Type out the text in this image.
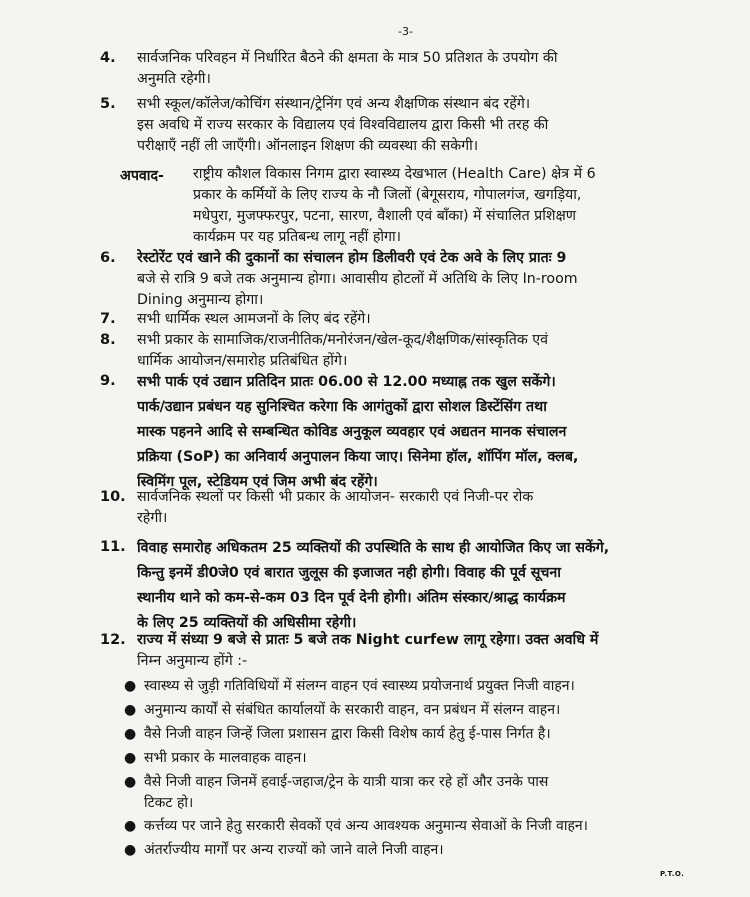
-3-
4. सार्वजनिक परिवहन में निर्धारित बैठने की क्षमता के मात्र 50 प्रतिशत के उपयोग की
अनुमति रहेगी।
5. सभी स्कूल/कॉलेज/कोचिंग संस्थान/ट्रेनिंग एवं अन्य शैक्षणिक संस्थान बंद रहेंगे।
इस अवधि में राज्य सरकार के विद्यालय एवं विश्वविद्यालय द्वारा किसी भी तरह की
परीक्षाएँ नहीं ली जाएँगी। ऑनलाइन शिक्षण की व्यवस्था की सकेगी।
अपवाद- राष्ट्रीय कौशल विकास निगम द्वारा स्वास्थ्य देखभाल (Health Care) क्षेत्र में 6
प्रकार के कर्मियों के लिए राज्य के नौ जिलों (बेगूसराय, गोपालगंज, खगड़िया,
मधेपुरा, मुजफ्फरपुर, पटना, सारण, वैशाली एवं बाँका) में संचालित प्रशिक्षण
कार्यक्रम पर यह प्रतिबन्ध लागू नहीं होगा।
6. रेस्टोरेंट एवं खाने की दुकानों का संचालन होम डिलीवरी एवं टेक अवे के लिए प्रातः 9
बजे से रात्रि 9 बजे तक अनुमान्य होगा। आवासीय होटलों में अतिथि के लिए In-room
Dining अनुमान्य होगा।
7. सभी धार्मिक स्थल आमजनों के लिए बंद रहेंगे।
8. सभी प्रकार के सामाजिक/राजनीतिक/मनोरंजन/खेल-कूद/शैक्षणिक/सांस्कृतिक एवं
धार्मिक आयोजन/समारोह प्रतिबंधित होंगे।
9. सभी पार्क एवं उद्यान प्रतिदिन प्रातः 06.00 से 12.00 मध्याह्न तक खुल सकेंगे।
पार्क/उद्यान प्रबंधन यह सुनिश्चित करेगा कि आगंतुकों द्वारा सोशल डिस्टेंसिंग तथा
मास्क पहनने आदि से सम्बन्धित कोविड अनुकूल व्यवहार एवं अद्यतन मानक संचालन
प्रक्रिया (SoP) का अनिवार्य अनुपालन किया जाए। सिनेमा हॉल, शॉपिंग मॉल, क्लब,
स्विमिंग पूल, स्टेडियम एवं जिम अभी बंद रहेंगे।
10. सार्वजनिक स्थलों पर किसी भी प्रकार के आयोजन- सरकारी एवं निजी-पर रोक
रहेगी।
11. विवाह समारोह अधिकतम 25 व्यक्तियों की उपस्थिति के साथ ही आयोजित किए जा सकेंगे,
किन्तु इनमें डी0जे0 एवं बारात जुलूस की इजाजत नही होगी। विवाह की पूर्व सूचना
स्थानीय थाने को कम-से-कम 03 दिन पूर्व देनी होगी। अंतिम संस्कार/श्राद्ध कार्यक्रम
के लिए 25 व्यक्तियों की अधिसीमा रहेगी।
12. राज्य में संध्या 9 बजे से प्रातः 5 बजे तक Night curfew लागू रहेगा। उक्त अवधि में
निम्न अनुमान्य होंगे :-
● स्वास्थ्य से जुड़ी गतिविधियों में संलग्न वाहन एवं स्वास्थ्य प्रयोजनार्थ प्रयुक्त निजी वाहन।
● अनुमान्य कार्यों से संबंधित कार्यालयों के सरकारी वाहन, वन प्रबंधन में संलग्न वाहन।
● वैसे निजी वाहन जिन्हें जिला प्रशासन द्वारा किसी विशेष कार्य हेतु ई-पास निर्गत है।
● सभी प्रकार के मालवाहक वाहन।
● वैसे निजी वाहन जिनमें हवाई-जहाज/ट्रेन के यात्री यात्रा कर रहे हों और उनके पास
टिकट हो।
● कर्त्तव्य पर जाने हेतु सरकारी सेवकों एवं अन्य आवश्यक अनुमान्य सेवाओं के निजी वाहन।
● अंतर्राज्यीय मार्गों पर अन्य राज्यों को जाने वाले निजी वाहन।
P.T.O.
